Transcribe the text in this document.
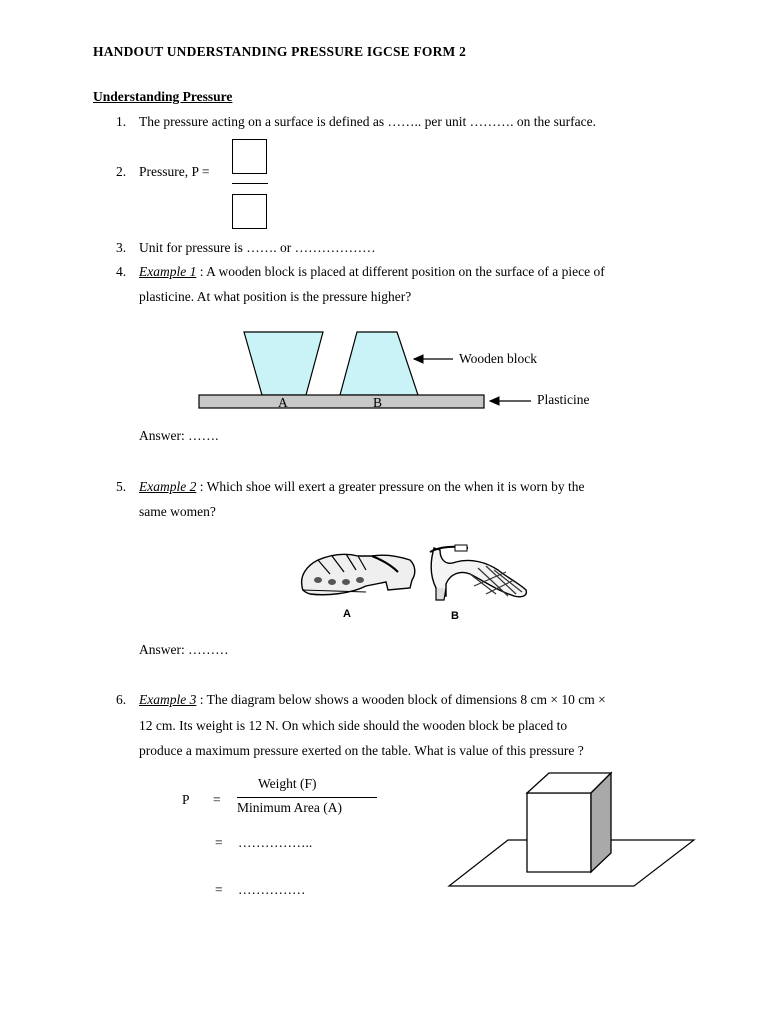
HANDOUT UNDERSTANDING PRESSURE IGCSE FORM 2
Understanding Pressure
1. The pressure acting on a surface is defined as …….. per unit ………. on the surface.
2. Pressure, P =
3. Unit for pressure is ……. or ………………
4. Example 1 : A wooden block is placed at different position on the surface of a piece of
plasticine. At what position is the pressure higher?
Wooden block
Plasticine
A	B
Answer: …….
5. Example 2 : Which shoe will exert a greater pressure on the when it is worn by the
same women?
A	B
Answer: ………
6. Example 3 : The diagram below shows a wooden block of dimensions 8 cm × 10 cm ×
12 cm. Its weight is 12 N. On which side should the wooden block be placed to
produce a maximum pressure exerted on the table. What is value of this pressure ?
P =
Weight (F)
Minimum Area (A)
= ……………..
= ……………
